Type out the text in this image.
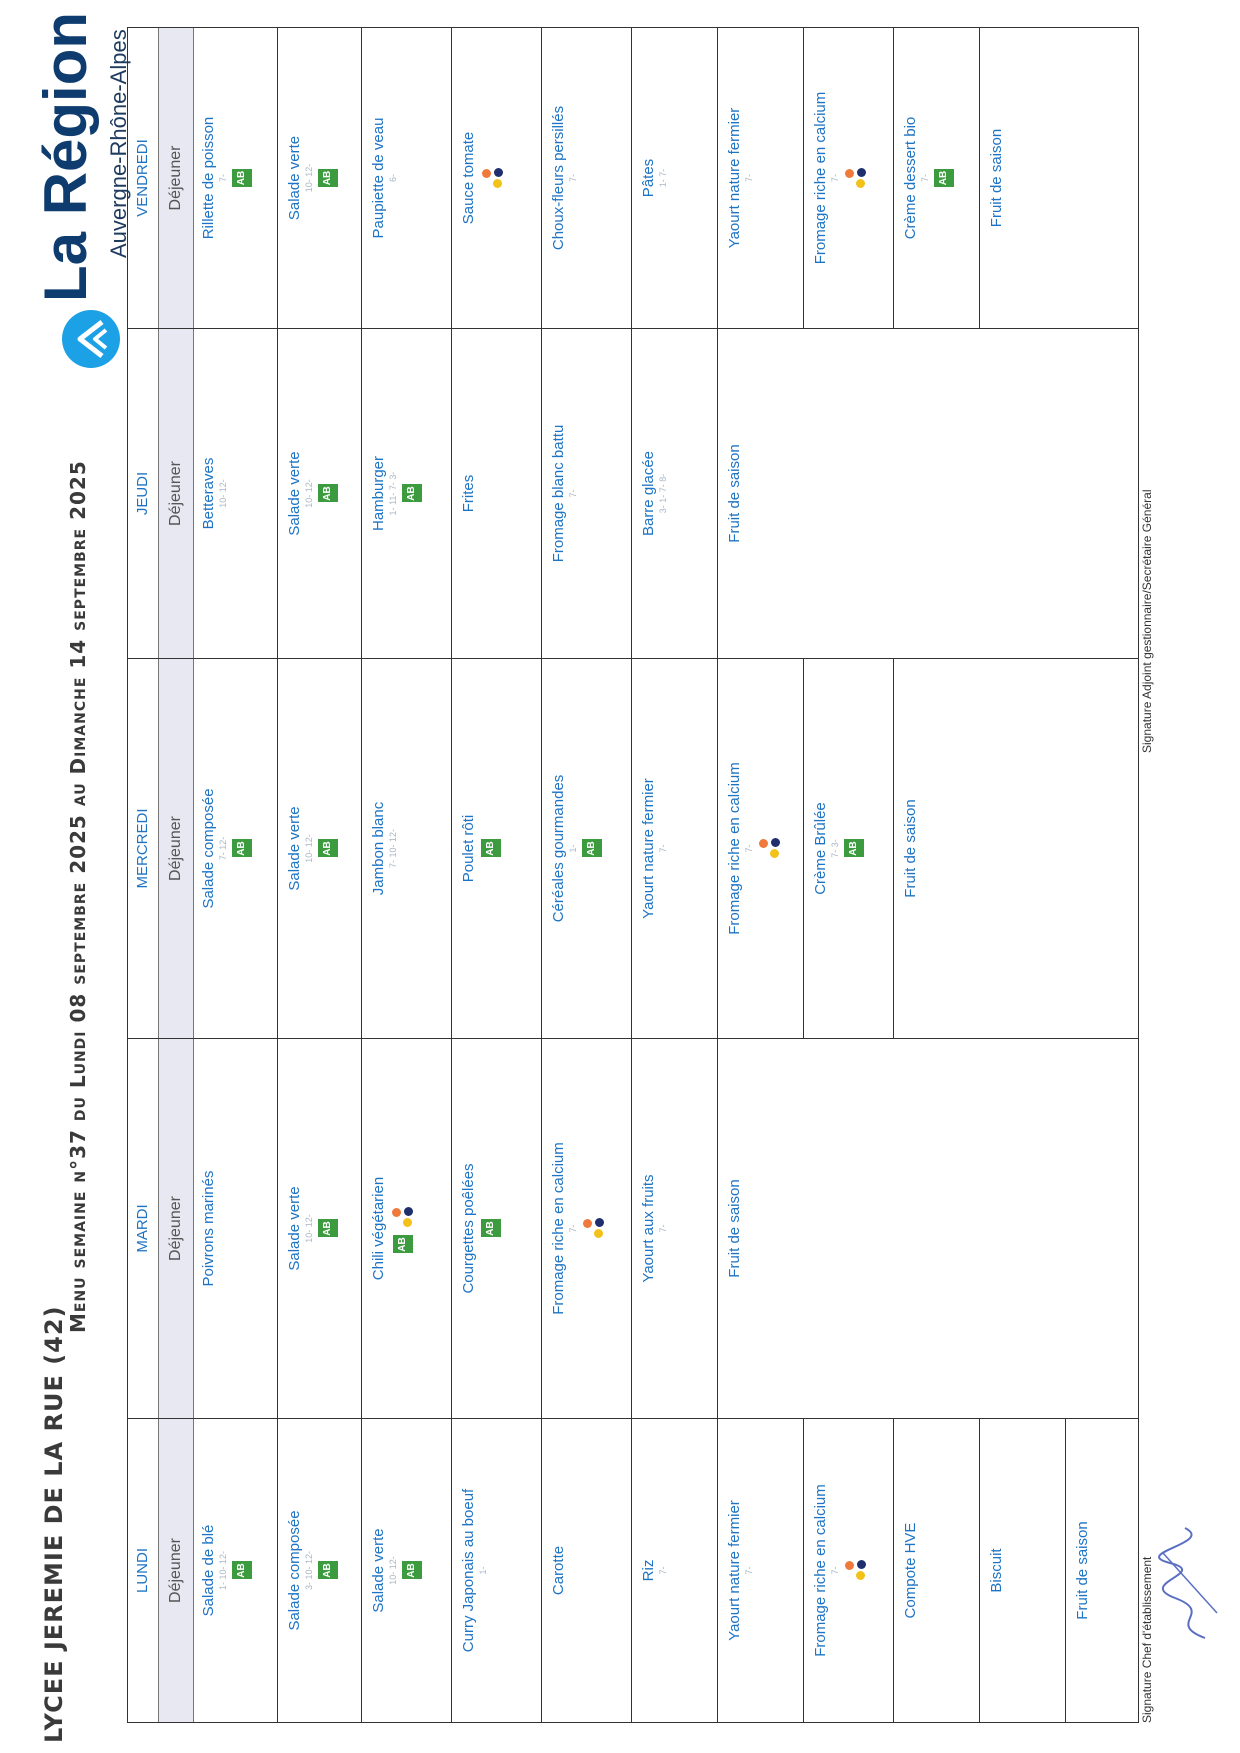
LYCEE JEREMIE DE LA RUE (42)
Menu semaine n°37 du Lundi 08 septembre 2025 au Dimanche 14 septembre 2025
La Région Auvergne-Rhône-Alpes
LUNDI	Déjeuner	Salade de blé 1- 10- 12- AB	Salade composée 3- 10- 12- AB	Salade verte 10- 12- AB	Curry Japonais au boeuf 1-	Carotte	Riz 7-	Yaourt nature fermier 7-	Fromage riche en calcium 7-	Compote HVE	Biscuit	Fruit de saison
MARDI	Déjeuner	Poivrons marinés	Salade verte 10- 12- AB	Chili végétarien	AB	Courgettes poêlées AB	Fromage riche en calcium 7-	Yaourt aux fruits 7-	Fruit de saison
MERCREDI	Déjeuner	Salade composée 7- 12- AB	Salade verte 10- 12- AB	Jambon blanc 7- 10- 12-	Poulet rôti AB	Céréales gourmandes 1- AB	Yaourt nature fermier 7-	Fromage riche en calcium 7-	Crème Brûlée 7- 3- AB	Fruit de saison
JEUDI	Déjeuner	Betteraves 10- 12-	Salade verte 10- 12- AB	Hamburger 1- 11- 7- 3- AB	Frites	Fromage blanc battu 7-	Barre glacée 3- 1- 7- 8-	Fruit de saison
VENDREDI	Déjeuner	Rillette de poisson 7- AB	Salade verte 10- 12- AB	Paupiette de veau 6-	Sauce tomate	Choux-fleurs persillés 7-	Pâtes 1- 7-	Yaourt nature fermier 7-	Fromage riche en calcium 7-	Crème dessert bio 7- AB	Fruit de saison
Signature Chef d'établissement
Signature Adjoint gestionnaire/Secrétaire Général
